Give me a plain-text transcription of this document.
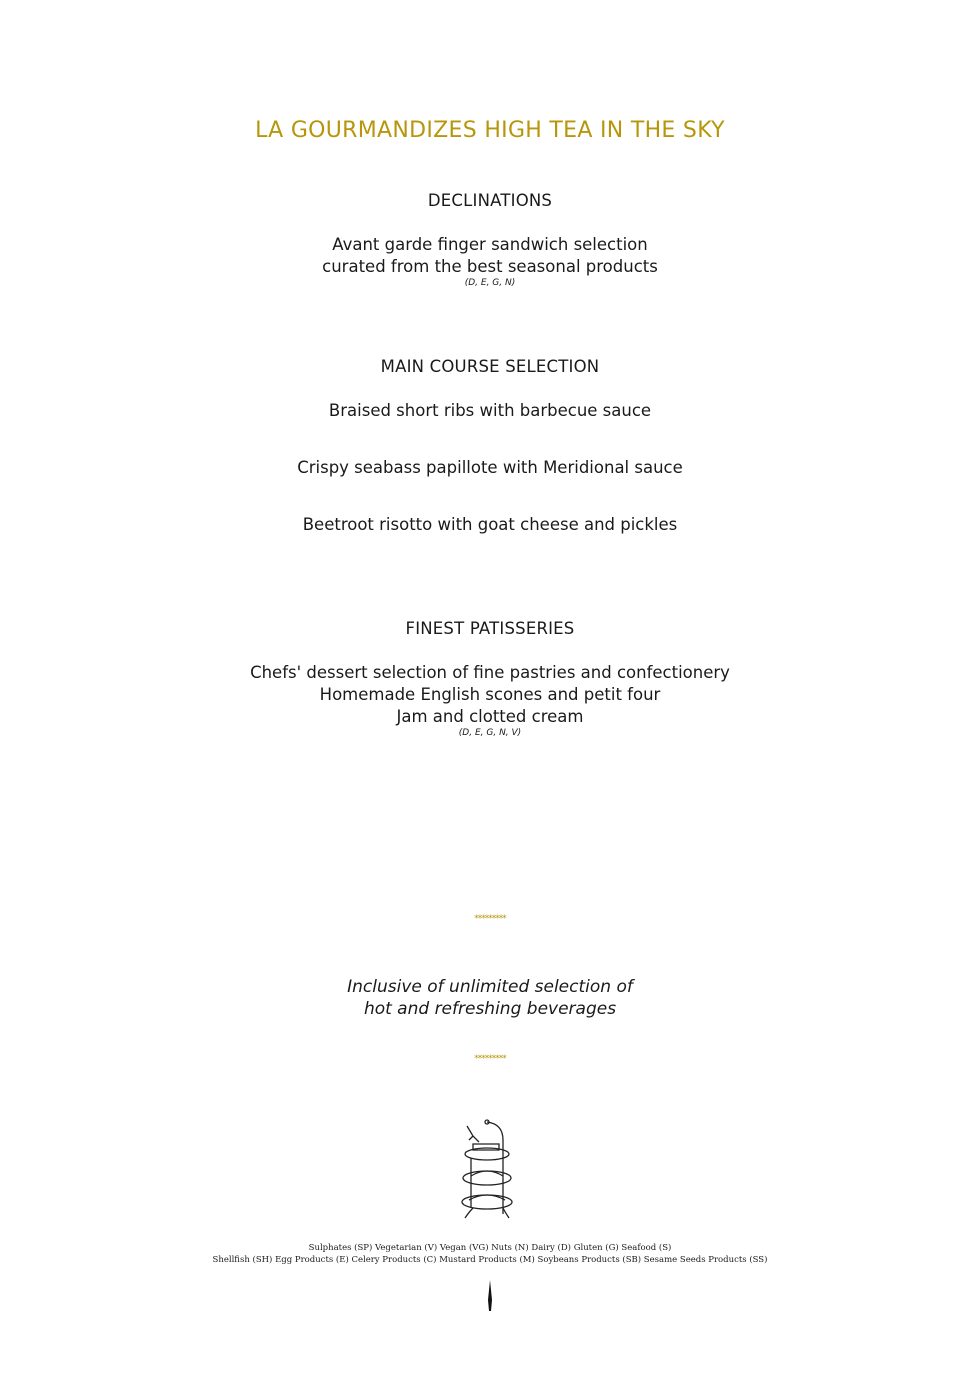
LA GOURMANDIZES HIGH TEA IN THE SKY
DECLINATIONS
Avant garde finger sandwich selection
curated from the best seasonal products
(D, E, G, N)
MAIN COURSE SELECTION
Braised short ribs with barbecue sauce
Crispy seabass papillote with Meridional sauce
Beetroot risotto with goat cheese and pickles
FINEST PATISSERIES
Chefs' dessert selection of fine pastries and confectionery
Homemade English scones and petit four
Jam and clotted cream
(D, E, G, N, V)
*********
Inclusive of unlimited selection of
hot and refreshing beverages
*********
Sulphates (SP) Vegetarian (V) Vegan (VG) Nuts (N) Dairy (D) Gluten (G) Seafood (S)
Shellfish (SH) Egg Products (E) Celery Products (C) Mustard Products (M) Soybeans Products (SB) Sesame Seeds Products (SS)
